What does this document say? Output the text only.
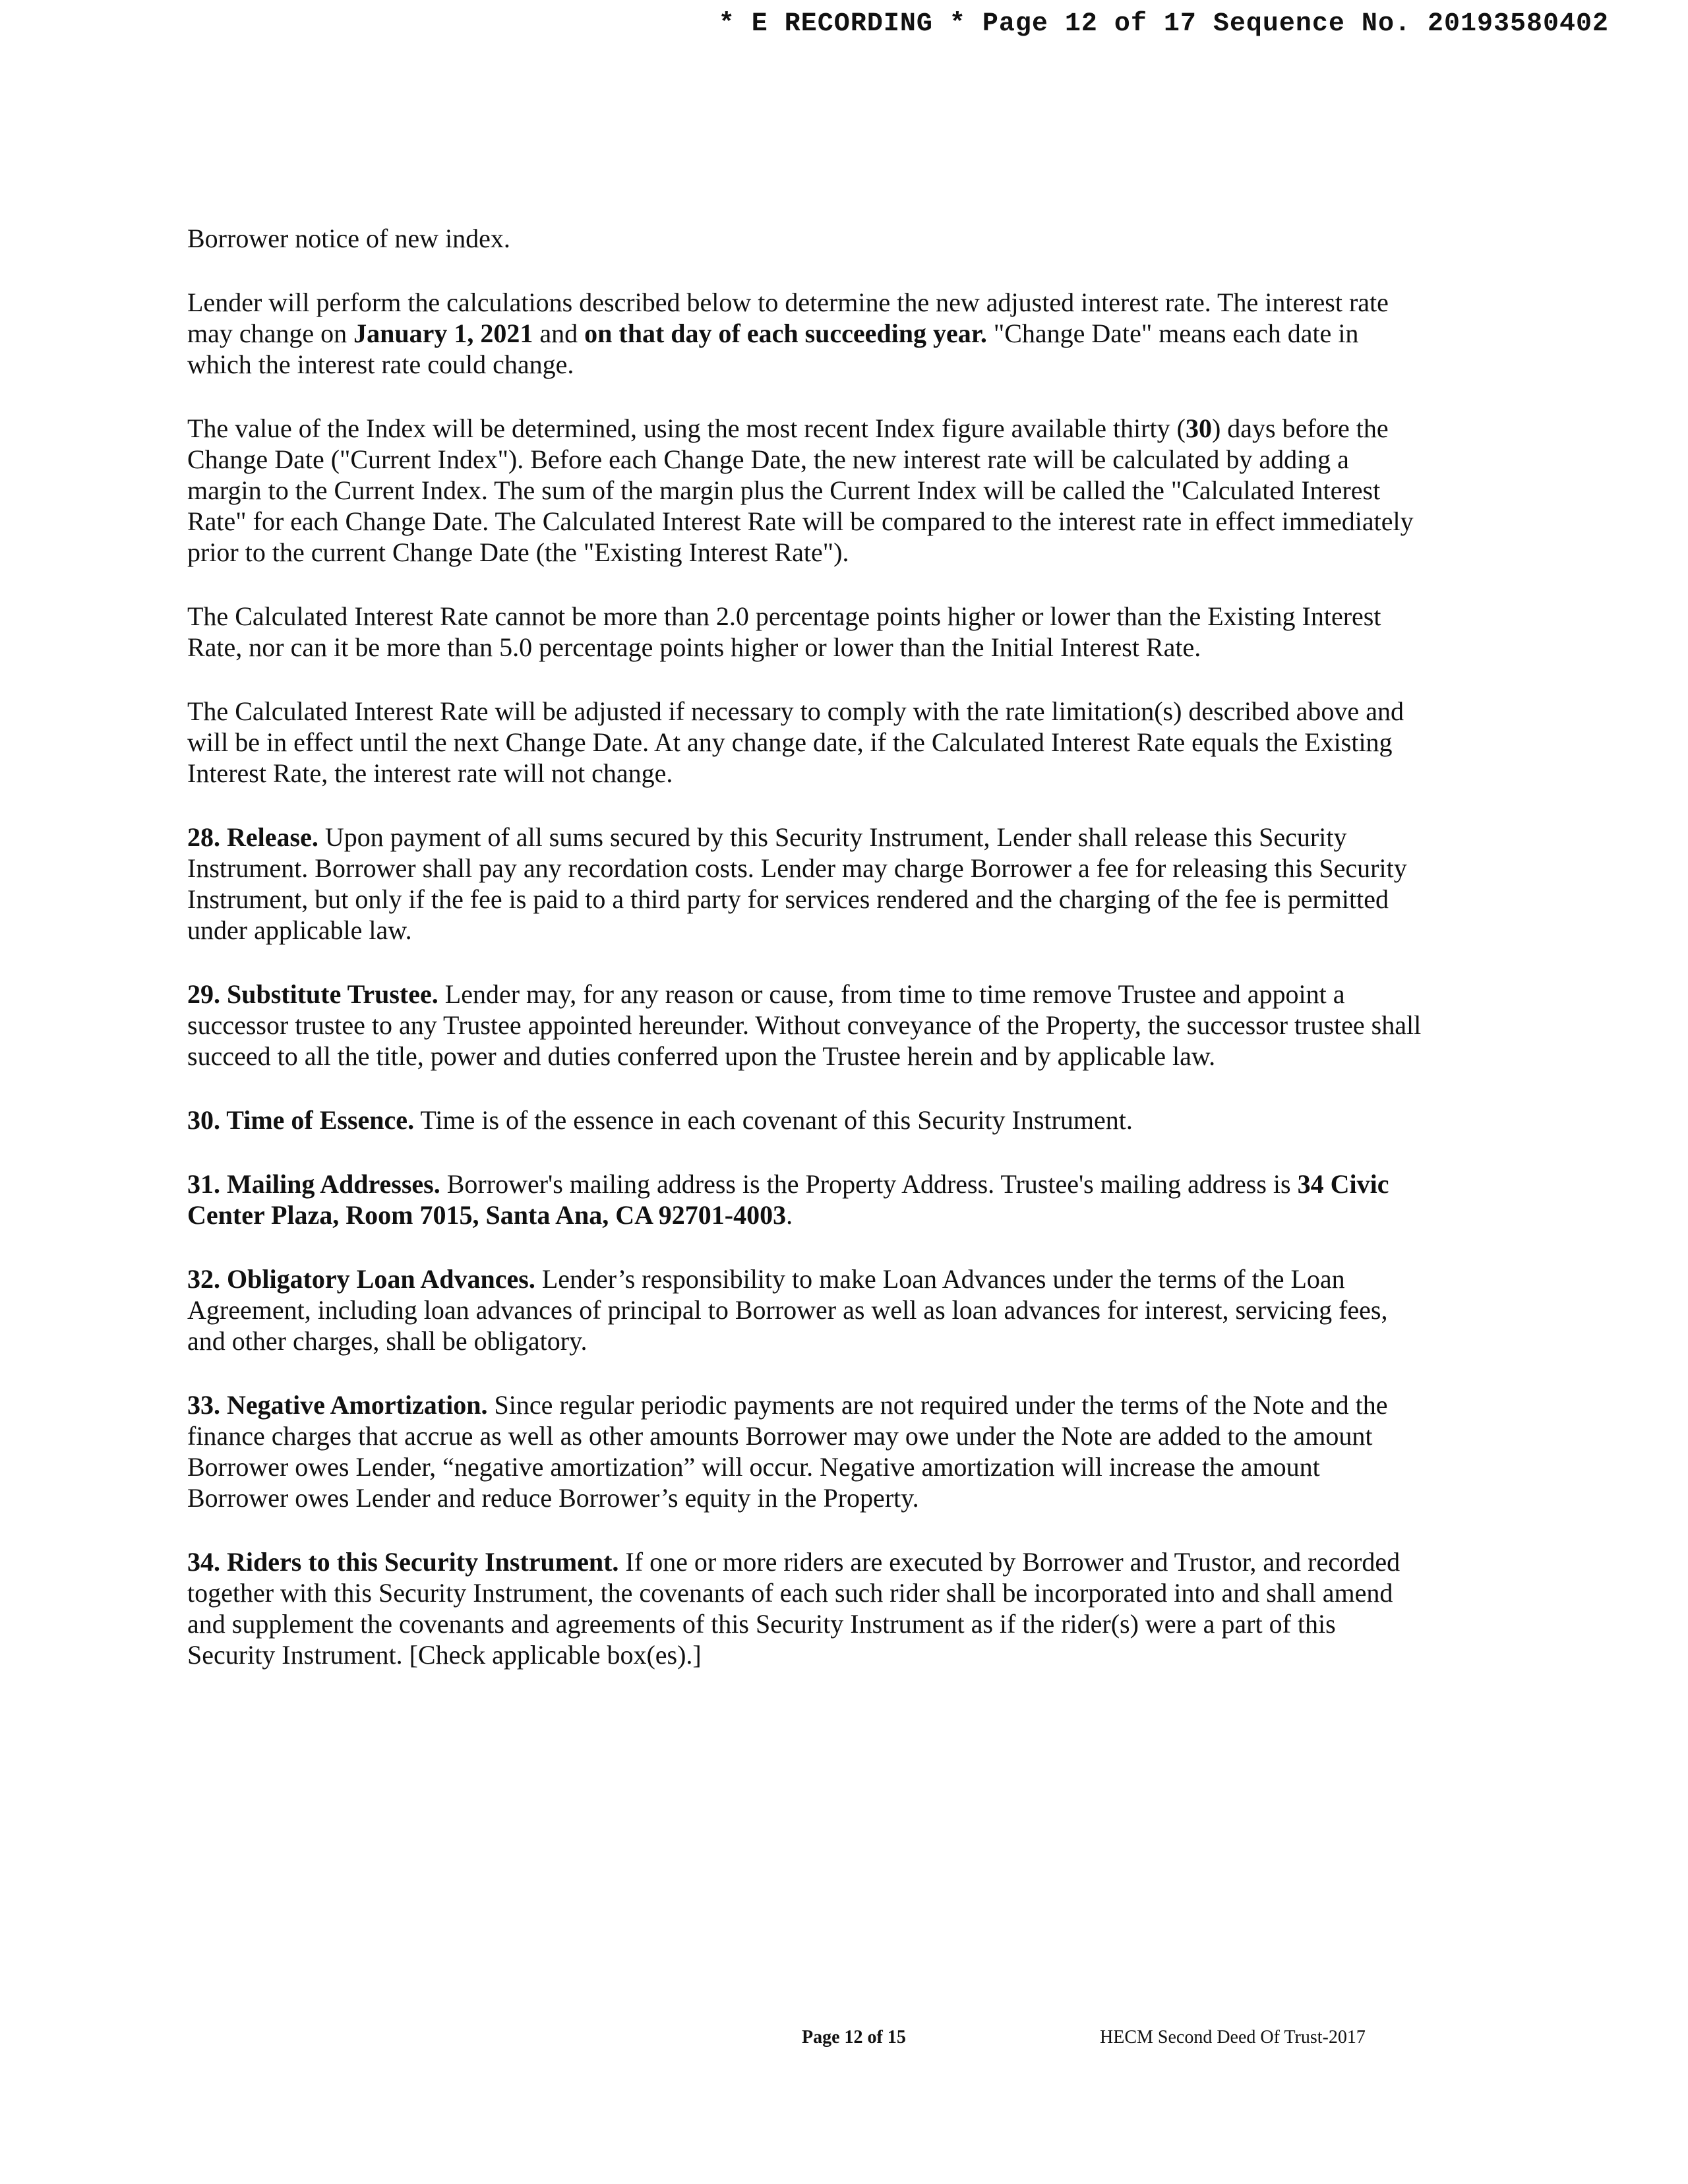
* E RECORDING * Page 12 of 17 Sequence No. 20193580402

Borrower notice of new index.

Lender will perform the calculations described below to determine the new adjusted interest rate. The interest rate may change on January 1, 2021 and on that day of each succeeding year. "Change Date" means each date in which the interest rate could change.

The value of the Index will be determined, using the most recent Index figure available thirty (30) days before the Change Date ("Current Index"). Before each Change Date, the new interest rate will be calculated by adding a margin to the Current Index. The sum of the margin plus the Current Index will be called the "Calculated Interest Rate" for each Change Date. The Calculated Interest Rate will be compared to the interest rate in effect immediately prior to the current Change Date (the "Existing Interest Rate").

The Calculated Interest Rate cannot be more than 2.0 percentage points higher or lower than the Existing Interest Rate, nor can it be more than 5.0 percentage points higher or lower than the Initial Interest Rate.

The Calculated Interest Rate will be adjusted if necessary to comply with the rate limitation(s) described above and will be in effect until the next Change Date. At any change date, if the Calculated Interest Rate equals the Existing Interest Rate, the interest rate will not change.

28. Release. Upon payment of all sums secured by this Security Instrument, Lender shall release this Security Instrument. Borrower shall pay any recordation costs. Lender may charge Borrower a fee for releasing this Security Instrument, but only if the fee is paid to a third party for services rendered and the charging of the fee is permitted under applicable law.

29. Substitute Trustee. Lender may, for any reason or cause, from time to time remove Trustee and appoint a successor trustee to any Trustee appointed hereunder. Without conveyance of the Property, the successor trustee shall succeed to all the title, power and duties conferred upon the Trustee herein and by applicable law.

30. Time of Essence. Time is of the essence in each covenant of this Security Instrument.

31. Mailing Addresses. Borrower's mailing address is the Property Address. Trustee's mailing address is 34 Civic Center Plaza, Room 7015, Santa Ana, CA 92701-4003.

32. Obligatory Loan Advances. Lender’s responsibility to make Loan Advances under the terms of the Loan Agreement, including loan advances of principal to Borrower as well as loan advances for interest, servicing fees, and other charges, shall be obligatory.

33. Negative Amortization. Since regular periodic payments are not required under the terms of the Note and the finance charges that accrue as well as other amounts Borrower may owe under the Note are added to the amount Borrower owes Lender, “negative amortization” will occur. Negative amortization will increase the amount Borrower owes Lender and reduce Borrower’s equity in the Property.

34. Riders to this Security Instrument. If one or more riders are executed by Borrower and Trustor, and recorded together with this Security Instrument, the covenants of each such rider shall be incorporated into and shall amend and supplement the covenants and agreements of this Security Instrument as if the rider(s) were a part of this Security Instrument. [Check applicable box(es).]

Page 12 of 15	HECM Second Deed Of Trust-2017
